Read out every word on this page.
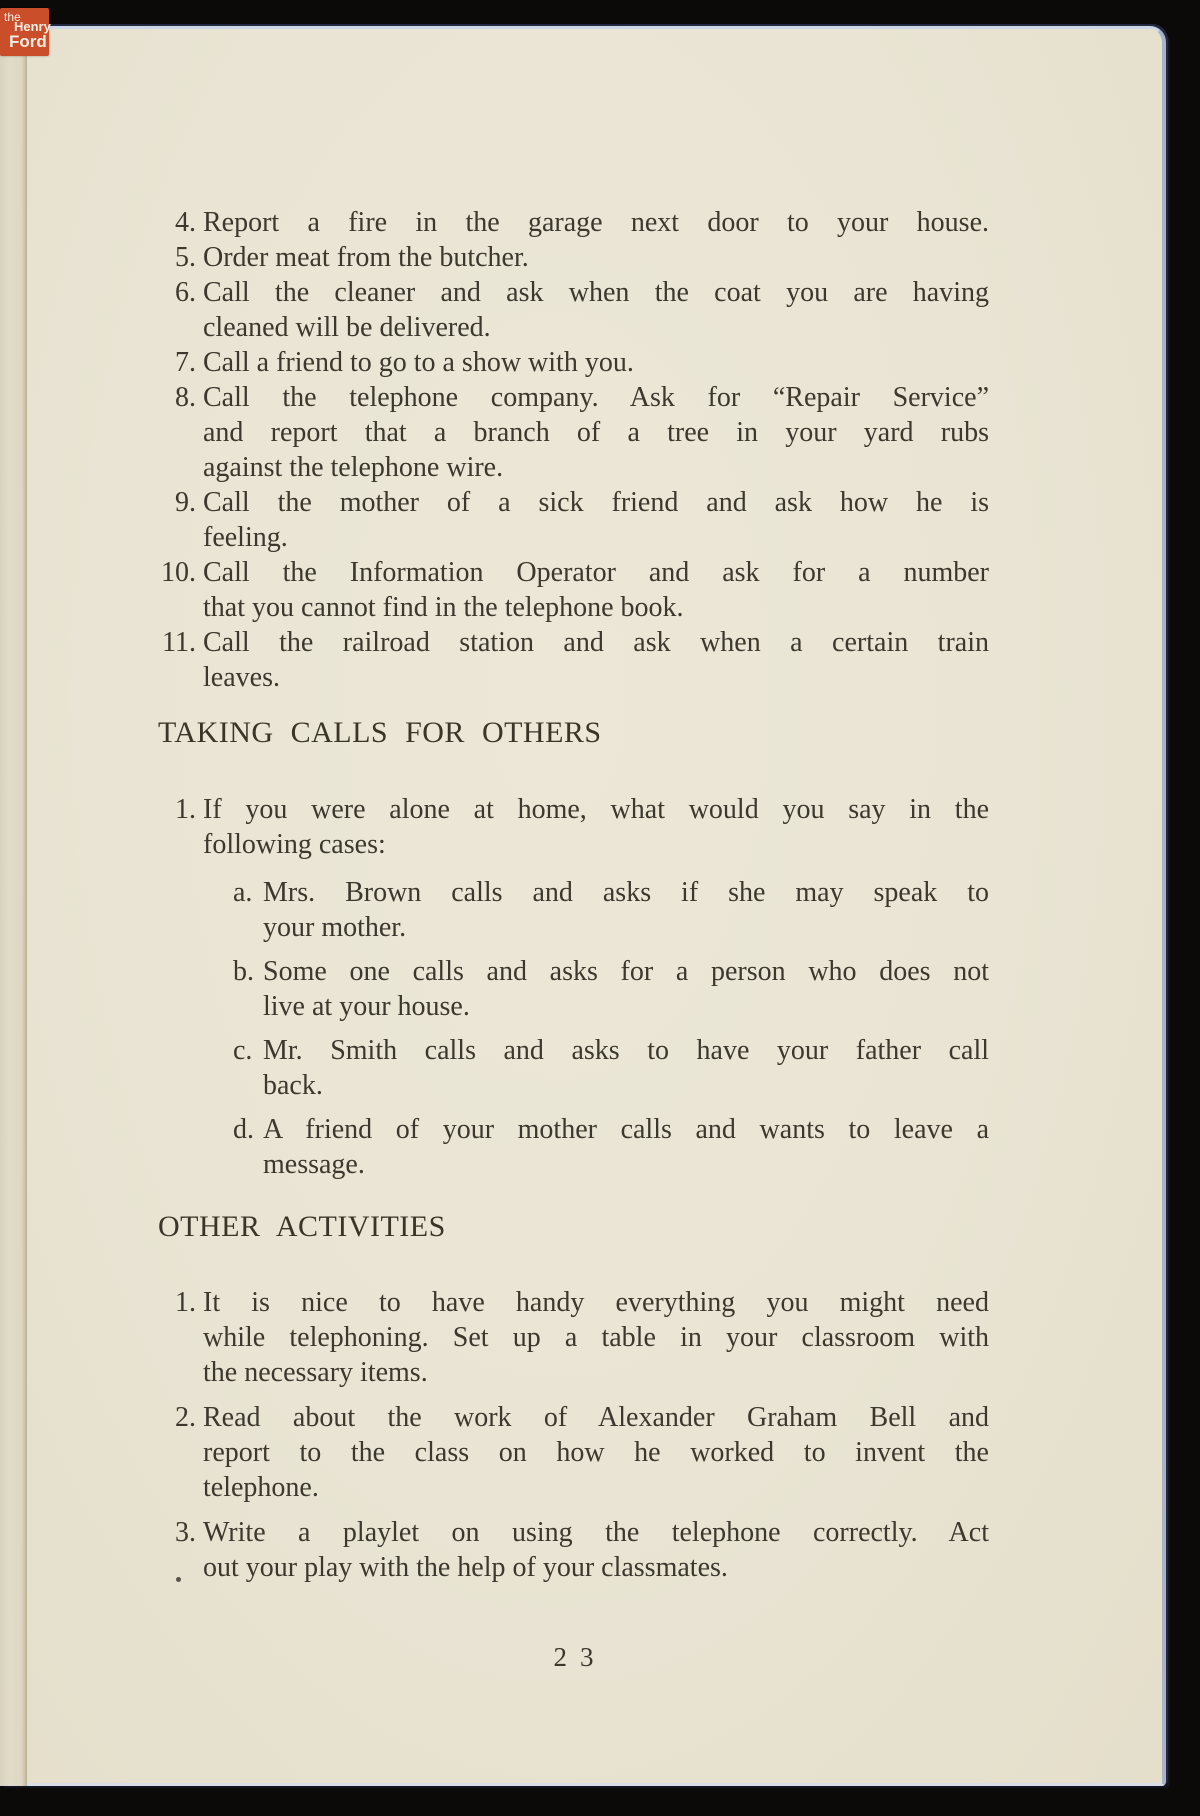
the
Henry
Ford
4. Report a fire in the garage next door to your house.
5. Order meat from the butcher.
6. Call the cleaner and ask when the coat you are having
cleaned will be delivered.
7. Call a friend to go to a show with you.
8. Call the telephone company. Ask for “Repair Service”
and report that a branch of a tree in your yard rubs
against the telephone wire.
9. Call the mother of a sick friend and ask how he is
feeling.
10. Call the Information Operator and ask for a number
that you cannot find in the telephone book.
11. Call the railroad station and ask when a certain train
leaves.
TAKING CALLS FOR OTHERS
1. If you were alone at home, what would you say in the
following cases:
a. Mrs. Brown calls and asks if she may speak to
your mother.
b. Some one calls and asks for a person who does not
live at your house.
c. Mr. Smith calls and asks to have your father call
back.
d. A friend of your mother calls and wants to leave a
message.
OTHER ACTIVITIES
1. It is nice to have handy everything you might need
while telephoning. Set up a table in your classroom with
the necessary items.
2. Read about the work of Alexander Graham Bell and
report to the class on how he worked to invent the
telephone.
3. Write a playlet on using the telephone correctly. Act
out your play with the help of your classmates.
23
